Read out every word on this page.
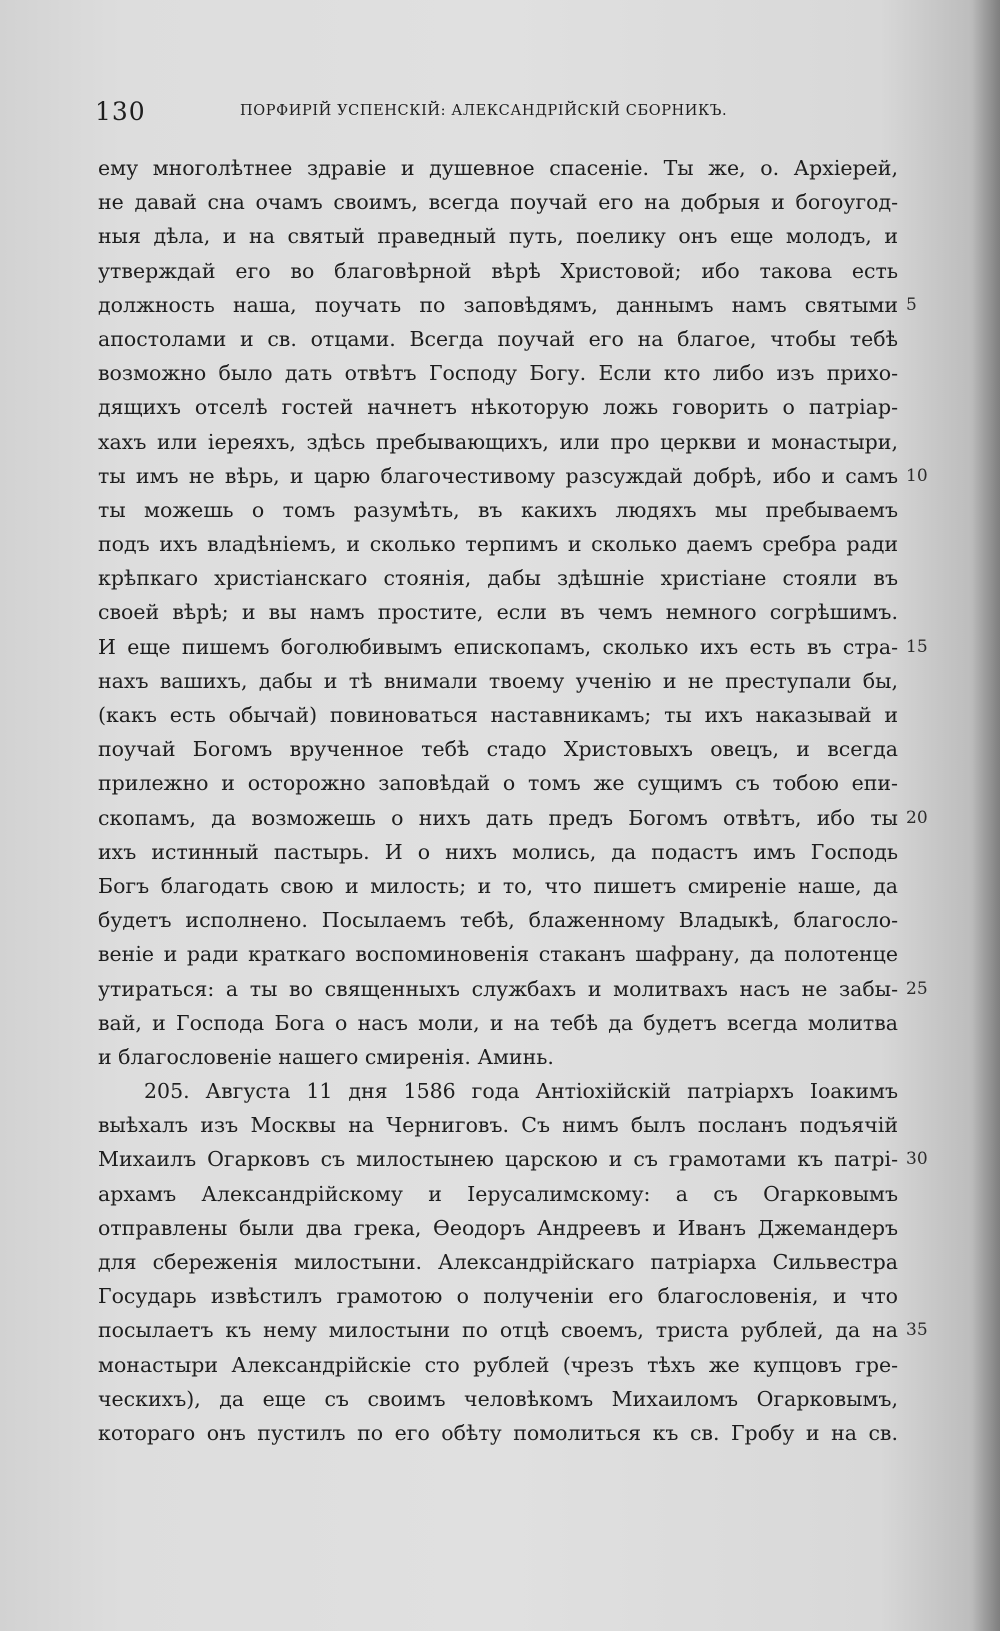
130	ПОРФИРІЙ УСПЕНСКІЙ: АЛЕКСАНДРІЙСКІЙ СБОРНИКЪ.
ему многолѣтнее здравіе и душевное спасеніе. Ты же, о. Архіерей,
не давай сна очамъ своимъ, всегда поучай его на добрыя и богоугод-
ныя дѣла, и на святый праведный путь, поелику онъ еще молодъ, и
утверждай его во благовѣрной вѣрѣ Христовой; ибо такова есть
должность наша, поучать по заповѣдямъ, даннымъ намъ святыми 5
апостолами и св. отцами. Всегда поучай его на благое, чтобы тебѣ
возможно было дать отвѣтъ Господу Богу. Если кто либо изъ прихо-
дящихъ отселѣ гостей начнетъ нѣкоторую ложь говорить о патріар-
хахъ или іереяхъ, здѣсь пребывающихъ, или про церкви и монастыри,
ты имъ не вѣрь, и царю благочестивому разсуждай добрѣ, ибо и самъ 10
ты можешь о томъ разумѣть, въ какихъ людяхъ мы пребываемъ
подъ ихъ владѣніемъ, и сколько терпимъ и сколько даемъ сребра ради
крѣпкаго христіанскаго стоянія, дабы здѣшніе христіане стояли въ
своей вѣрѣ; и вы намъ простите, если въ чемъ немного согрѣшимъ.
И еще пишемъ боголюбивымъ епископамъ, сколько ихъ есть въ стра- 15
нахъ вашихъ, дабы и тѣ внимали твоему ученію и не преступали бы,
(какъ есть обычай) повиноваться наставникамъ; ты ихъ наказывай и
поучай Богомъ врученное тебѣ стадо Христовыхъ овецъ, и всегда
прилежно и осторожно заповѣдай о томъ же сущимъ съ тобою епи-
скопамъ, да возможешь о нихъ дать предъ Богомъ отвѣтъ, ибо ты 20
ихъ истинный пастырь. И о нихъ молись, да подастъ имъ Господь
Богъ благодать свою и милость; и то, что пишетъ смиреніе наше, да
будетъ исполнено. Посылаемъ тебѣ, блаженному Владыкѣ, благосло-
веніе и ради краткаго воспоминовенія стаканъ шафрану, да полотенце
утираться: а ты во священныхъ службахъ и молитвахъ насъ не забы- 25
вай, и Господа Бога о насъ моли, и на тебѣ да будетъ всегда молитва
и благословеніе нашего смиренія. Аминь.
205. Августа 11 дня 1586 года Антіохійскій патріархъ Іоакимъ
выѣхалъ изъ Москвы на Черниговъ. Съ нимъ былъ посланъ подъячій
Михаилъ Огарковъ съ милостынею царскою и съ грамотами къ патрі- 30
архамъ Александрійскому и Іерусалимскому: а съ Огарковымъ
отправлены были два грека, Ѳеодоръ Андреевъ и Иванъ Джемандеръ
для сбереженія милостыни. Александрійскаго патріарха Сильвестра
Государь извѣстилъ грамотою о полученіи его благословенія, и что
посылаетъ къ нему милостыни по отцѣ своемъ, триста рублей, да на 35
монастыри Александрійскіе сто рублей (чрезъ тѣхъ же купцовъ гре-
ческихъ), да еще съ своимъ человѣкомъ Михаиломъ Огарковымъ,
котораго онъ пустилъ по его обѣту помолиться къ св. Гробу и на св.
